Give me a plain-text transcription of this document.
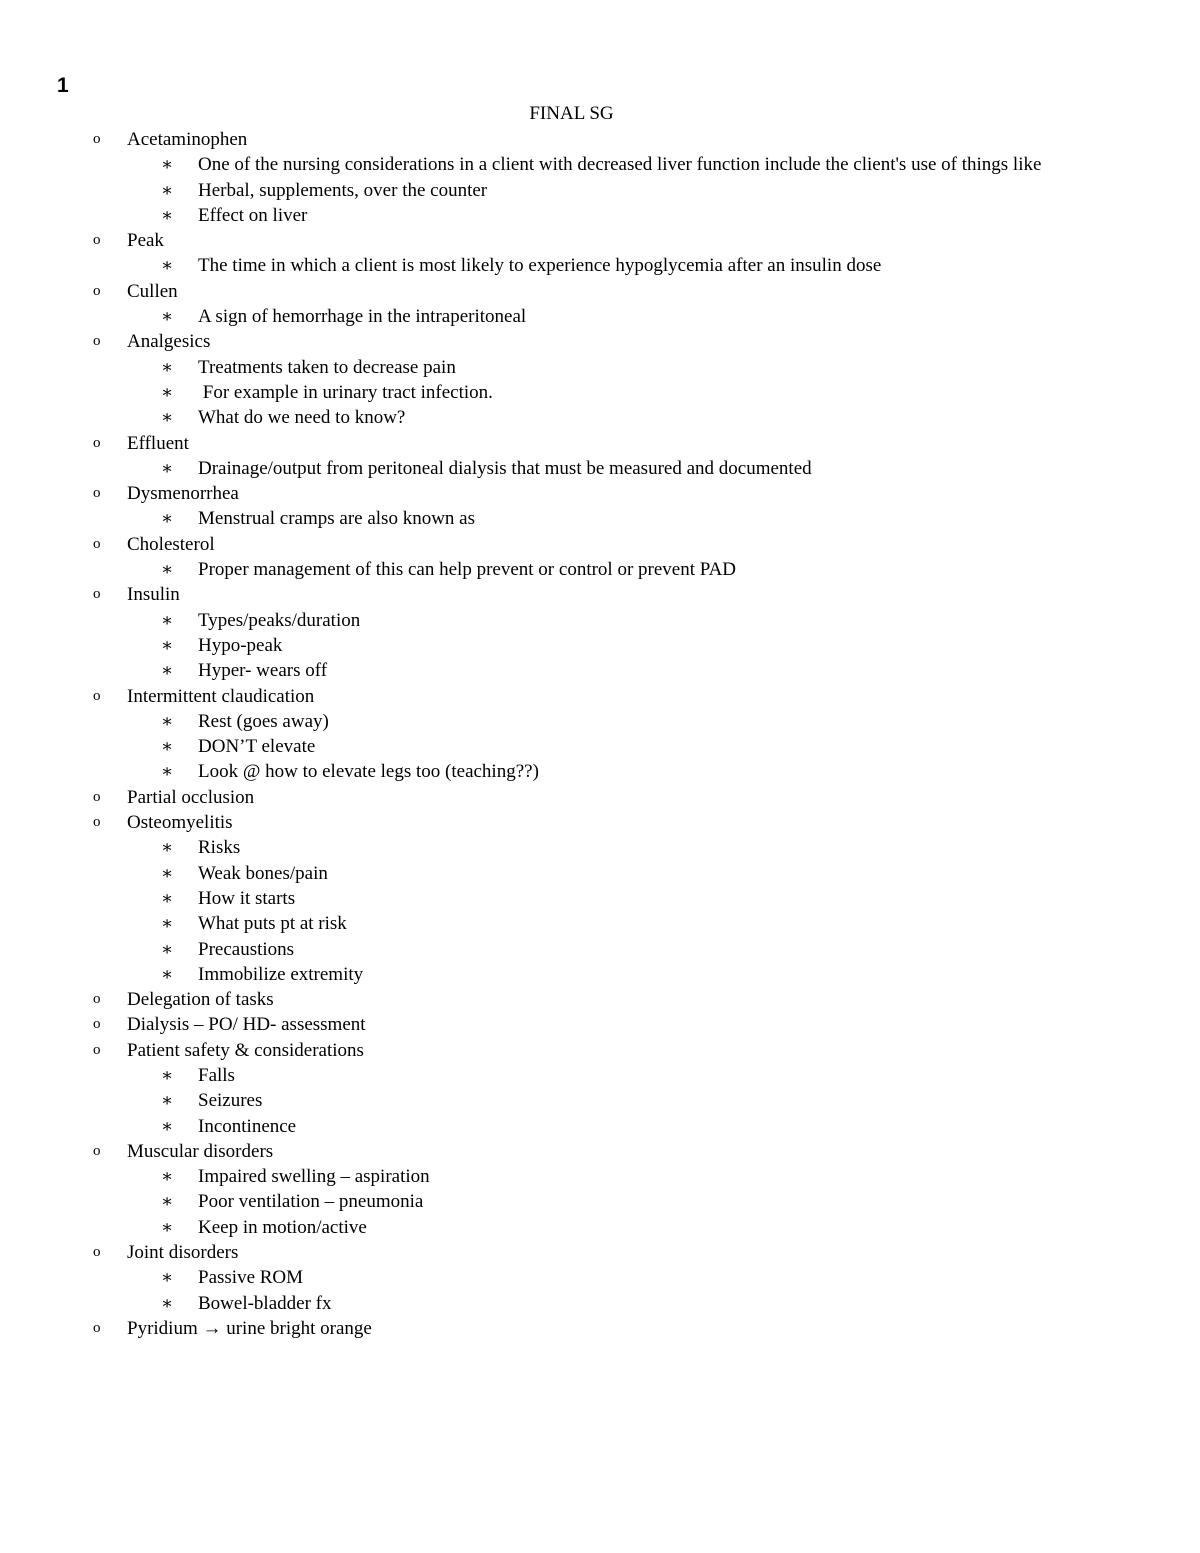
1
FINAL SG
o Acetaminophen
∗ One of the nursing considerations in a client with decreased liver function include the client's use of things like
∗ Herbal, supplements, over the counter
∗ Effect on liver
o Peak
∗ The time in which a client is most likely to experience hypoglycemia after an insulin dose
o Cullen
∗ A sign of hemorrhage in the intraperitoneal
o Analgesics
∗ Treatments taken to decrease pain
∗ For example in urinary tract infection.
∗ What do we need to know?
o Effluent
∗ Drainage/output from peritoneal dialysis that must be measured and documented
o Dysmenorrhea
∗ Menstrual cramps are also known as
o Cholesterol
∗ Proper management of this can help prevent or control or prevent PAD
o Insulin
∗ Types/peaks/duration
∗ Hypo-peak
∗ Hyper- wears off
o Intermittent claudication
∗ Rest (goes away)
∗ DON’T elevate
∗ Look @ how to elevate legs too (teaching??)
o Partial occlusion
o Osteomyelitis
∗ Risks
∗ Weak bones/pain
∗ How it starts
∗ What puts pt at risk
∗ Precaustions
∗ Immobilize extremity
o Delegation of tasks
o Dialysis – PO/ HD- assessment
o Patient safety & considerations
∗ Falls
∗ Seizures
∗ Incontinence
o Muscular disorders
∗ Impaired swelling – aspiration
∗ Poor ventilation – pneumonia
∗ Keep in motion/active
o Joint disorders
∗ Passive ROM
∗ Bowel-bladder fx
o Pyridium → urine bright orange
